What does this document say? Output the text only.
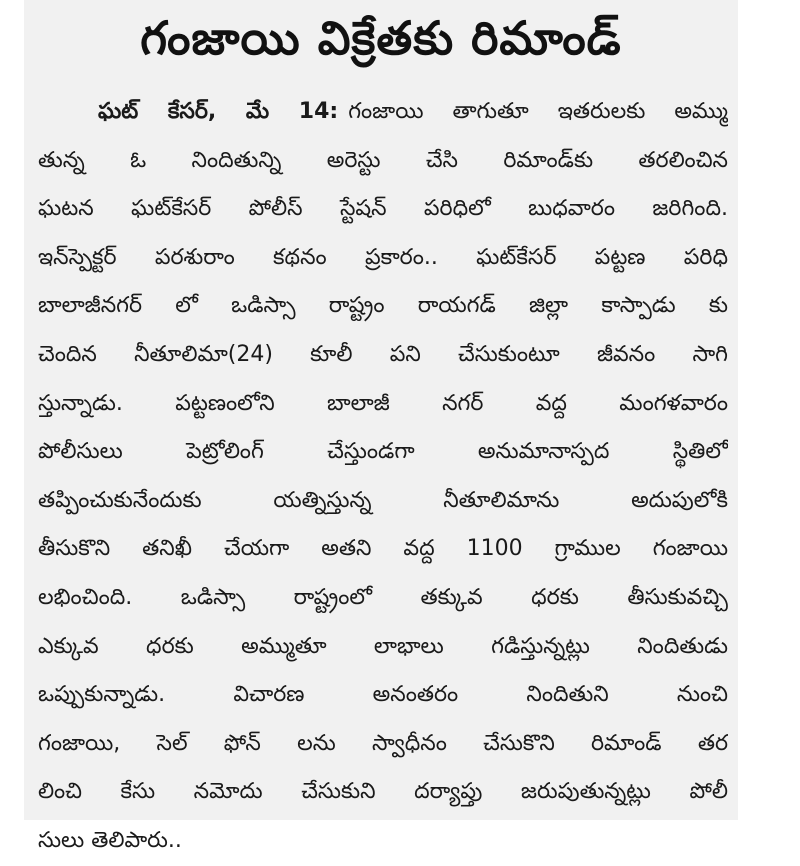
గంజాయి విక్రేతకు రిమాండ్
ఘట్ కేసర్, మే 14: గంజాయి తాగుతూ ఇతరులకు అమ్ము
తున్న ఓ నిందితున్ని అరెస్టు చేసి రిమాండ్‌కు తరలించిన
ఘటన ఘట్‌కేసర్ పోలీస్ స్టేషన్ పరిధిలో బుధవారం జరిగింది.
ఇన్‌స్పెక్టర్ పరశురాం కథనం ప్రకారం.. ఘట్‌కేసర్ పట్టణ పరిధి
బాలాజీనగర్ లో ఒడిస్సా రాష్ట్రం రాయగడ్ జిల్లా కాస్పాడు కు
చెందిన నీతూలిమా(24) కూలీ పని చేసుకుంటూ జీవనం సాగి
స్తున్నాడు. పట్టణంలోని బాలాజీ నగర్ వద్ద మంగళవారం
పోలీసులు పెట్రోలింగ్ చేస్తుండగా అనుమానాస్పద స్థితిలో
తప్పించుకునేందుకు యత్నిస్తున్న నీతూలిమాను అదుపులోకి
తీసుకొని తనిఖీ చేయగా అతని వద్ద 1100 గ్రాముల గంజాయి
లభించింది. ఒడిస్సా రాష్ట్రంలో తక్కువ ధరకు తీసుకువచ్చి
ఎక్కువ ధరకు అమ్ముతూ లాభాలు గడిస్తున్నట్లు నిందితుడు
ఒప్పుకున్నాడు. విచారణ అనంతరం నిందితుని నుంచి
గంజాయి, సెల్ ఫోన్ లను స్వాధీనం చేసుకొని రిమాండ్ తర
లించి కేసు నమోదు చేసుకుని దర్యాప్తు జరుపుతున్నట్లు పోలీ
సులు తెలిపారు..
